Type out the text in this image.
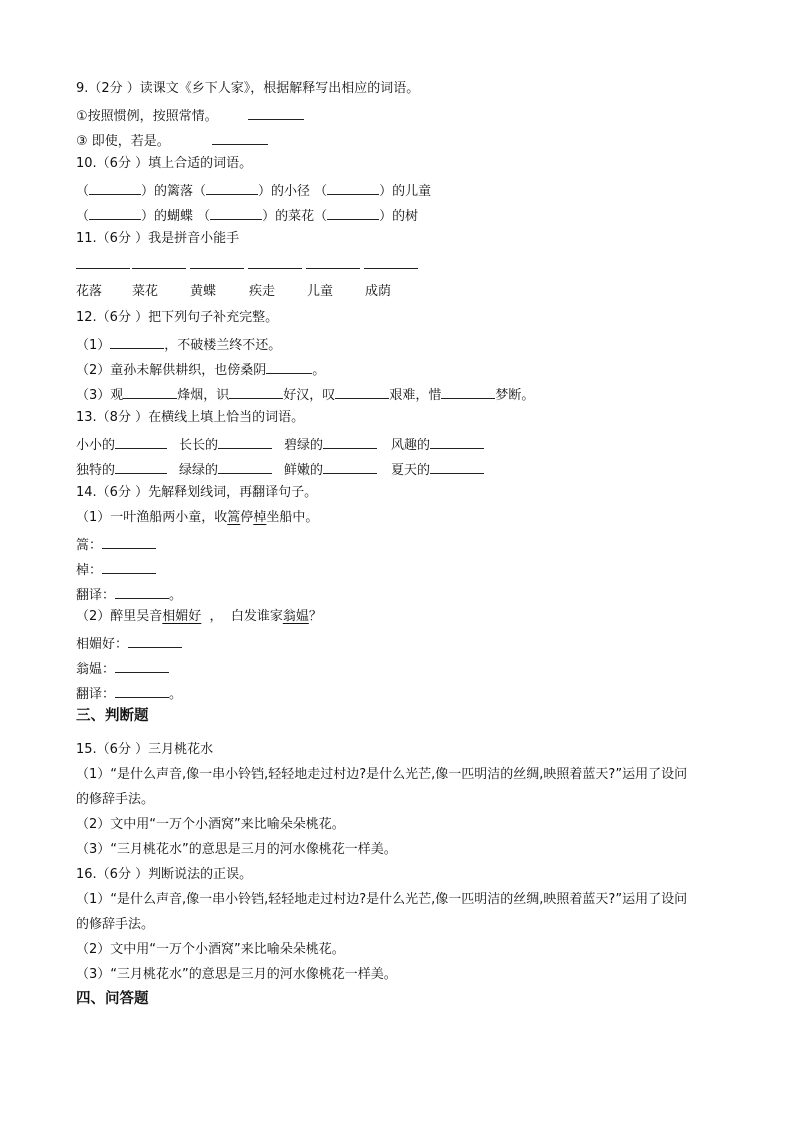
9.（2分 ）读课文《乡下人家》，根据解释写出相应的词语。
①按照惯例，按照常情。
③ 即使，若是。
10.（6分 ）填上合适的词语。
（	）的篱落（	）的小径 （	）的儿童
（	）的蝴蝶 （	）的菜花（	）的树
11.（6分 ）我是拼音小能手
花落 菜花 黄蝶	疾走 儿童 成荫
12.（6分 ）把下列句子补充完整。
（1）	，不破楼兰终不还。
（2）童孙未解供耕织，也傍桑阴	。
（3）观	烽烟，识	好汉，叹	艰难，惜	梦断。
13.（8分 ）在横线上填上恰当的词语。
小小的	长长的	碧绿的	风趣的
独特的	绿绿的	鲜嫩的	夏天的
14.（6分 ）先解释划线词，再翻译句子。
（1）一叶渔船两小童，收篙停棹坐船中。
篙：
棹：
翻译：	。
（2）醉里吴音相媚好  ，  白发谁家翁媪？
相媚好：
翁媪：
翻译：	。
三、判断题
15.（6分 ）三月桃花水
（1）“是什么声音,像一串小铃铛,轻轻地走过村边?是什么光芒,像一匹明洁的丝绸,映照着蓝天?”运用了设问
的修辞手法。
（2）文中用“一万个小酒窝”来比喻朵朵桃花。
（3）“三月桃花水”的意思是三月的河水像桃花一样美。
16.（6分 ）判断说法的正误。
（1）“是什么声音,像一串小铃铛,轻轻地走过村边?是什么光芒,像一匹明洁的丝绸,映照着蓝天?”运用了设问
的修辞手法。
（2）文中用“一万个小酒窝”来比喻朵朵桃花。
（3）“三月桃花水”的意思是三月的河水像桃花一样美。
四、问答题
